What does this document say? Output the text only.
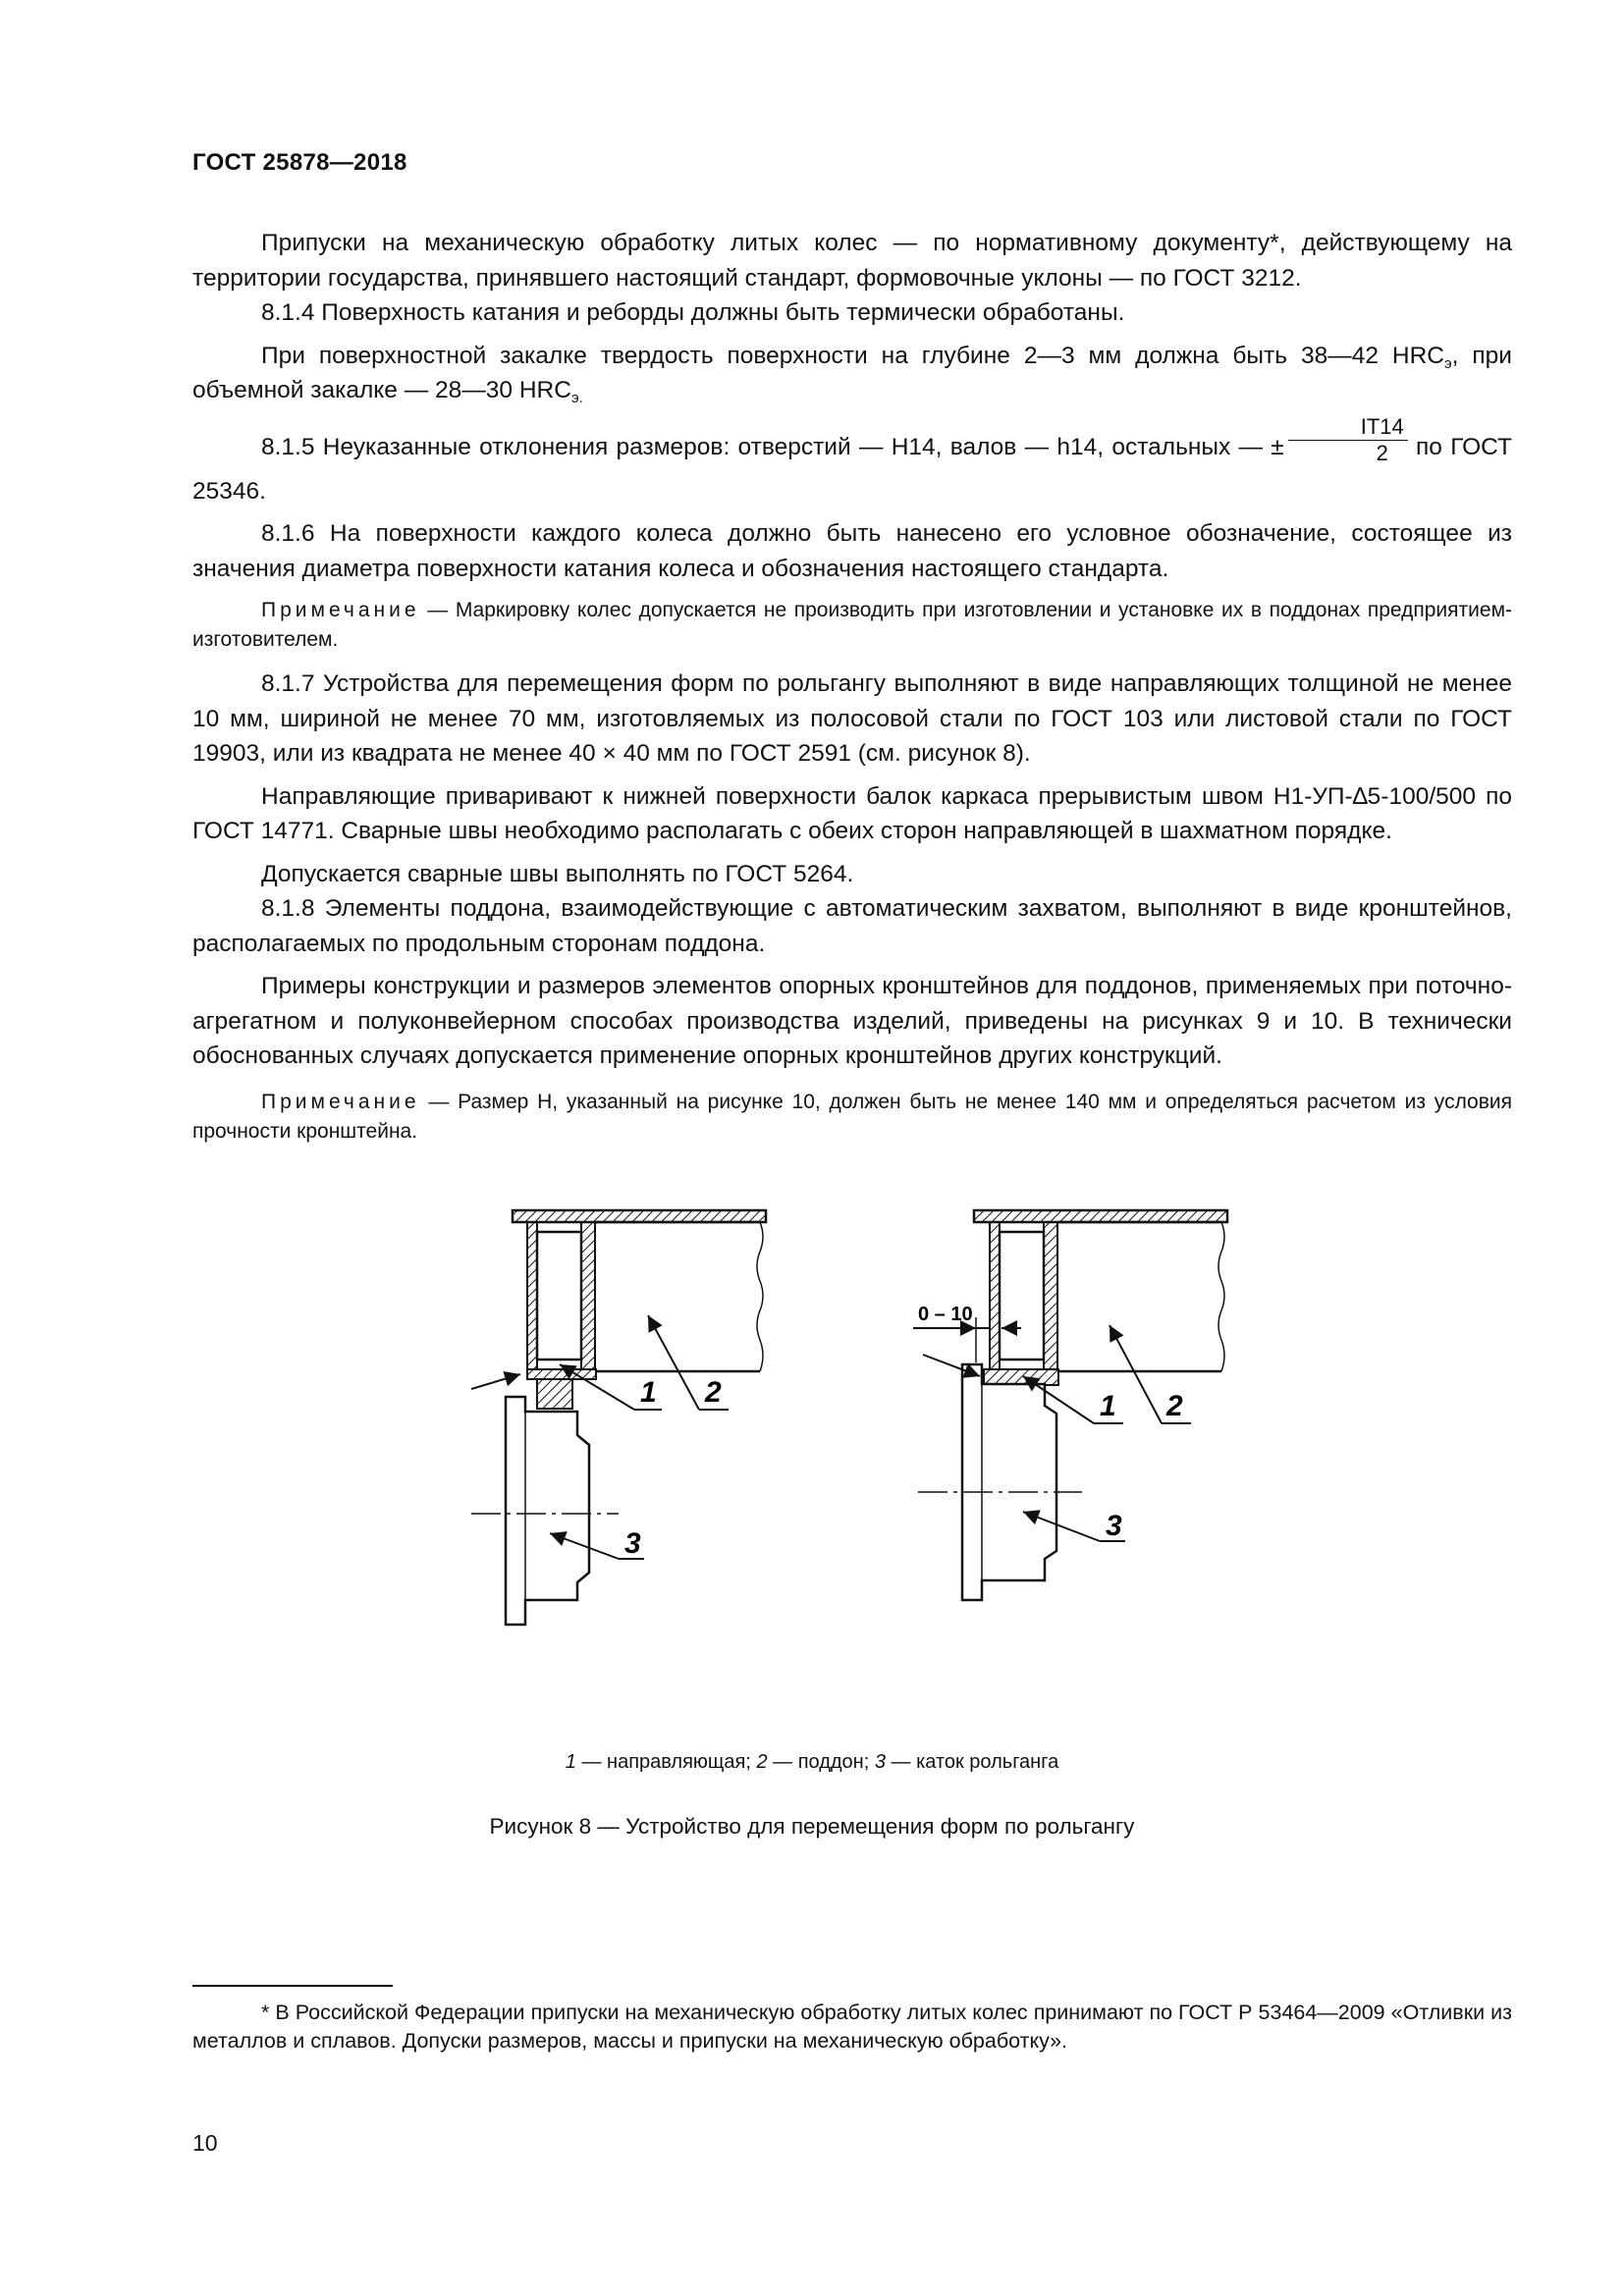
ГОСТ 25878—2018

Припуски на механическую обработку литых колес — по нормативному документу*, действующему на территории государства, принявшего настоящий стандарт, формовочные уклоны — по ГОСТ 3212.

8.1.4 Поверхность катания и реборды должны быть термически обработаны.

При поверхностной закалке твердость поверхности на глубине 2—3 мм должна быть 38—42 $HRC_э$, при объемной закалке — 28—30 $HRC_{э.}$

8.1.5 Неуказанные отклонения размеров: отверстий — H14, валов — h14, остальных — ± $\frac{IT14}{2}$ по ГОСТ 25346.

8.1.6 На поверхности каждого колеса должно быть нанесено его условное обозначение, состоящее из значения диаметра поверхности катания колеса и обозначения настоящего стандарта.

Примечание — Маркировку колес допускается не производить при изготовлении и установке их в поддонах предприятием-изготовителем.

8.1.7 Устройства для перемещения форм по рольгангу выполняют в виде направляющих толщиной не менее 10 мм, шириной не менее 70 мм, изготовляемых из полосовой стали по ГОСТ 103 или листовой стали по ГОСТ 19903, или из квадрата не менее 40 × 40 мм по ГОСТ 2591 (см. рисунок 8).

Направляющие приваривают к нижней поверхности балок каркаса прерывистым швом Н1-УП-∆5-100/500 по ГОСТ 14771. Сварные швы необходимо располагать с обеих сторон направляющей в шахматном порядке.

Допускается сварные швы выполнять по ГОСТ 5264.

8.1.8 Элементы поддона, взаимодействующие с автоматическим захватом, выполняют в виде кронштейнов, располагаемых по продольным сторонам поддона.

Примеры конструкции и размеров элементов опорных кронштейнов для поддонов, применяемых при поточно-агрегатном и полуконвейерном способах производства изделий, приведены на рисунках 9 и 10. В технически обоснованных случаях допускается применение опорных кронштейнов других конструкций.

Примечание — Размер Н, указанный на рисунке 10, должен быть не менее 140 мм и определяться расчетом из условия прочности кронштейна.
1 2
3
0 – 10
1 2
3
1 — направляющая; 2 — поддон; 3 — каток рольганга
Рисунок 8 — Устройство для перемещения форм по рольгангу
* В Российской Федерации припуски на механическую обработку литых колес принимают по ГОСТ Р 53464—2009 «Отливки из металлов и сплавов. Допуски размеров, массы и припуски на механическую обработку».
10
